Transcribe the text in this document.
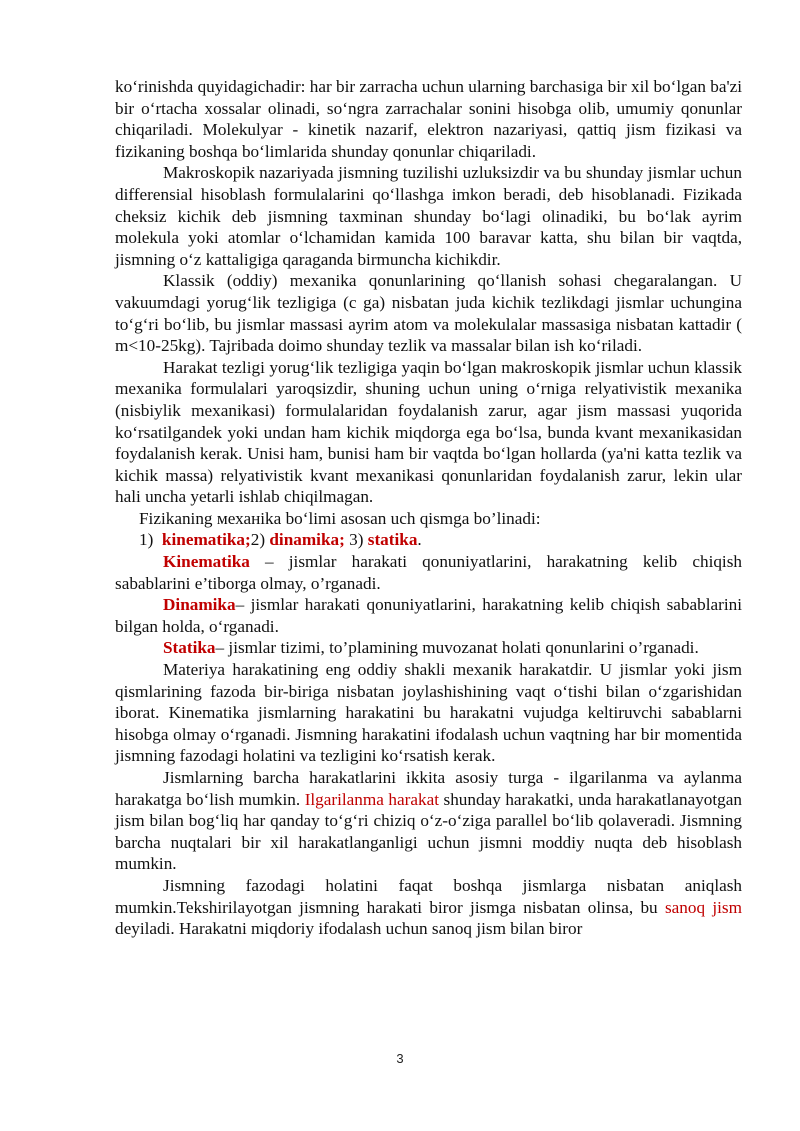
ko‘rinishda quyidagichadir: har bir zarracha uchun ularning barchasiga bir xil bo‘lgan ba'zi bir o‘rtacha xossalar olinadi, so‘ngra zarrachalar sonini hisobga olib, umumiy qonunlar chiqariladi. Molekulyar - kinetik nazarif, elektron nazariyasi, qattiq jism fizikasi va fizikaning boshqa bo‘limlarida shunday qonunlar chiqariladi.

Makroskopik nazariyada jismning tuzilishi uzluksizdir va bu shunday jismlar uchun differensial hisoblash formulalarini qo‘llashga imkon beradi, deb hisoblanadi. Fizikada cheksiz kichik deb jismning taxminan shunday bo‘lagi olinadiki, bu bo‘lak ayrim molekula yoki atomlar o‘lchamidan kamida 100 baravar katta, shu bilan bir vaqtda, jismning o‘z kattaligiga qaraganda birmuncha kichikdir.

Klassik (oddiy) mexanika qonunlarining qo‘llanish sohasi chegaralangan. U vakuumdagi yorug‘lik tezligiga (c ga) nisbatan juda kichik tezlikdagi jismlar uchungina to‘g‘ri bo‘lib, bu jismlar massasi ayrim atom va molekulalar massasiga nisbatan kattadir ( m<10-25kg). Tajribada doimo shunday tezlik va massalar bilan ish ko‘riladi.

Harakat tezligi yorug‘lik tezligiga yaqin bo‘lgan makroskopik jismlar uchun klassik mexanika formulalari yaroqsizdir, shuning uchun uning o‘rniga relyativistik mexanika (nisbiylik mexanikasi) formulalaridan foydalanish zarur, agar jism massasi yuqorida ko‘rsatilgandek yoki undan ham kichik miqdorga ega bo‘lsa, bunda kvant mexanikasidan foydalanish kerak. Unisi ham, bunisi ham bir vaqtda bo‘lgan hollarda (ya'ni katta tezlik va kichik massa) relyativistik kvant mexanikasi qonunlaridan foydalanish zarur, lekin ular hali uncha yetarli ishlab chiqilmagan.

Fizikaning механika bo‘limi asosan uch qismga bo’linadi:

1) kinematika;2) dinamika; 3) statika.

Kinematika – jismlar harakati qonuniyatlarini, harakatning kelib chiqish sabablarini e’tiborga olmay, o’rganadi.

Dinamika– jismlar harakati qonuniyatlarini, harakatning kelib chiqish sabablarini bilgan holda, o‘rganadi.

Statika– jismlar tizimi, to’plamining muvozanat holati qonunlarini o’rganadi.

Materiya harakatining eng oddiy shakli mexanik harakatdir. U jismlar yoki jism qismlarining fazoda bir-biriga nisbatan joylashishining vaqt o‘tishi bilan o‘zgarishidan iborat. Kinematika jismlarning harakatini bu harakatni vujudga keltiruvchi sabablarni hisobga olmay o‘rganadi. Jismning harakatini ifodalash uchun vaqtning har bir momentida jismning fazodagi holatini va tezligini ko‘rsatish kerak.

Jismlarning barcha harakatlarini ikkita asosiy turga - ilgarilanma va aylanma harakatga bo‘lish mumkin. Ilgarilanma harakat shunday harakatki, unda harakatlanayotgan jism bilan bog‘liq har qanday to‘g‘ri chiziq o‘z-o‘ziga parallel bo‘lib qolaveradi. Jismning barcha nuqtalari bir xil harakatlanganligi uchun jismni moddiy nuqta deb hisoblash mumkin.

Jismning fazodagi holatini faqat boshqa jismlarga nisbatan aniqlash mumkin.Tekshirilayotgan jismning harakati biror jismga nisbatan olinsa, bu sanoq jism deyiladi. Harakatni miqdoriy ifodalash uchun sanoq jism bilan biror

3
